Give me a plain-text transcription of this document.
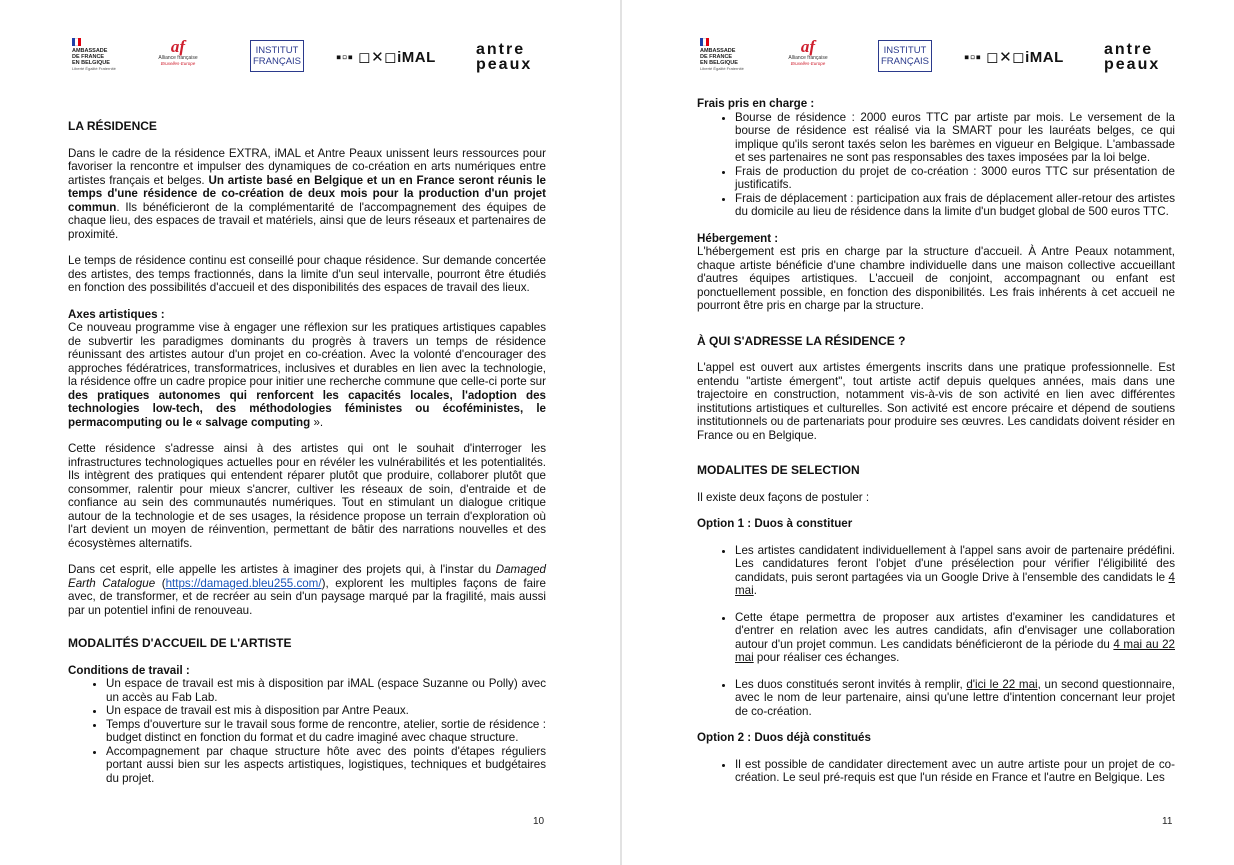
AMBASSADE
DE FRANCE
EN BELGIQUE
Liberté Égalité Fraternité
af
Alliance française
Bruxelles-Europe
INSTITUT
FRANÇAIS ▪▫▪ ◻✕◻iMAL	antre
peaux

LA RÉSIDENCE

Dans le cadre de la résidence EXTRA, iMAL et Antre Peaux unissent leurs ressources pour favoriser la rencontre et impulser des dynamiques de co-création en arts numériques entre artistes français et belges. Un artiste basé en Belgique et un en France seront réunis le temps d'une résidence de co-création de deux mois pour la production d'un projet commun. Ils bénéficieront de la complémentarité de l'accompagnement des équipes de chaque lieu, des espaces de travail et matériels, ainsi que de leurs réseaux et partenaires de proximité.

Le temps de résidence continu est conseillé pour chaque résidence. Sur demande concertée des artistes, des temps fractionnés, dans la limite d'un seul intervalle, pourront être étudiés en fonction des possibilités d'accueil et des disponibilités des espaces de travail des lieux.

Axes artistiques :

Ce nouveau programme vise à engager une réflexion sur les pratiques artistiques capables de subvertir les paradigmes dominants du progrès à travers un temps de résidence réunissant des artistes autour d'un projet en co-création. Avec la volonté d'encourager des approches fédératrices, transformatrices, inclusives et durables en lien avec la technologie, la résidence offre un cadre propice pour initier une recherche commune que celle-ci porte sur des pratiques autonomes qui renforcent les capacités locales, l'adoption des technologies low-tech, des méthodologies féministes ou écoféministes, le permacomputing ou le « salvage computing ».

Cette résidence s'adresse ainsi à des artistes qui ont le souhait d'interroger les infrastructures technologiques actuelles pour en révéler les vulnérabilités et les potentialités. Ils intègrent des pratiques qui entendent réparer plutôt que produire, collaborer plutôt que consommer, ralentir pour mieux s'ancrer, cultiver les réseaux de soin, d'entraide et de confiance au sein des communautés numériques. Tout en stimulant un dialogue critique autour de la technologie et de ses usages, la résidence propose un terrain d'exploration où l'art devient un moyen de réinvention, permettant de bâtir des narrations nouvelles et des écosystèmes alternatifs.

Dans cet esprit, elle appelle les artistes à imaginer des projets qui, à l'instar du Damaged Earth Catalogue (https://damaged.bleu255.com/), explorent les multiples façons de faire avec, de transformer, et de recréer au sein d'un paysage marqué par la fragilité, mais aussi par un potentiel infini de renouveau.

MODALITÉS D'ACCUEIL DE L'ARTISTE

Conditions de travail :

• Un espace de travail est mis à disposition par iMAL (espace Suzanne ou Polly) avec un accès au Fab Lab.
• Un espace de travail est mis à disposition par Antre Peaux.
• Temps d'ouverture sur le travail sous forme de rencontre, atelier, sortie de résidence : budget distinct en fonction du format et du cadre imaginé avec chaque structure.
• Accompagnement par chaque structure hôte avec des points d'étapes réguliers portant aussi bien sur les aspects artistiques, logistiques, techniques et budgétaires du projet.
10
AMBASSADE
DE FRANCE
EN BELGIQUE
Liberté Égalité Fraternité
af
Alliance française
Bruxelles-Europe
INSTITUT
FRANÇAIS ▪▫▪ ◻✕◻iMAL	antre
peaux

Frais pris en charge :

• Bourse de résidence : 2000 euros TTC par artiste par mois. Le versement de la bourse de résidence est réalisé via la SMART pour les lauréats belges, ce qui implique qu'ils seront taxés selon les barèmes en vigueur en Belgique. L'ambassade et ses partenaires ne sont pas responsables des taxes imposées par la loi belge.
• Frais de production du projet de co-création : 3000 euros TTC sur présentation de justificatifs.
• Frais de déplacement : participation aux frais de déplacement aller-retour des artistes du domicile au lieu de résidence dans la limite d'un budget global de 500 euros TTC.

Hébergement :

L'hébergement est pris en charge par la structure d'accueil. À Antre Peaux notamment, chaque artiste bénéficie d'une chambre individuelle dans une maison collective accueillant d'autres équipes artistiques. L'accueil de conjoint, accompagnant ou enfant est ponctuellement possible, en fonction des disponibilités. Les frais inhérents à cet accueil ne pourront être pris en charge par la structure.

À QUI S'ADRESSE LA RÉSIDENCE ?

L'appel est ouvert aux artistes émergents inscrits dans une pratique professionnelle. Est entendu "artiste émergent", tout artiste actif depuis quelques années, mais dans une trajectoire en construction, notamment vis-à-vis de son activité en lien avec différentes institutions artistiques et culturelles. Son activité est encore précaire et dépend de soutiens institutionnels ou de partenariats pour produire ses œuvres. Les candidats doivent résider en France ou en Belgique.

MODALITES DE SELECTION

Il existe deux façons de postuler :

Option 1 : Duos à constituer

• Les artistes candidatent individuellement à l'appel sans avoir de partenaire prédéfini. Les candidatures feront l'objet d'une présélection pour vérifier l'éligibilité des candidats, puis seront partagées via un Google Drive à l'ensemble des candidats le 4 mai.
• Cette étape permettra de proposer aux artistes d'examiner les candidatures et d'entrer en relation avec les autres candidats, afin d'envisager une collaboration autour d'un projet commun. Les candidats bénéficieront de la période du 4 mai au 22 mai pour réaliser ces échanges.
• Les duos constitués seront invités à remplir, d'ici le 22 mai, un second questionnaire, avec le nom de leur partenaire, ainsi qu'une lettre d'intention concernant leur projet de co-création.

Option 2 : Duos déjà constitués

• Il est possible de candidater directement avec un autre artiste pour un projet de co-création. Le seul pré-requis est que l'un réside en France et l'autre en Belgique. Les
11
